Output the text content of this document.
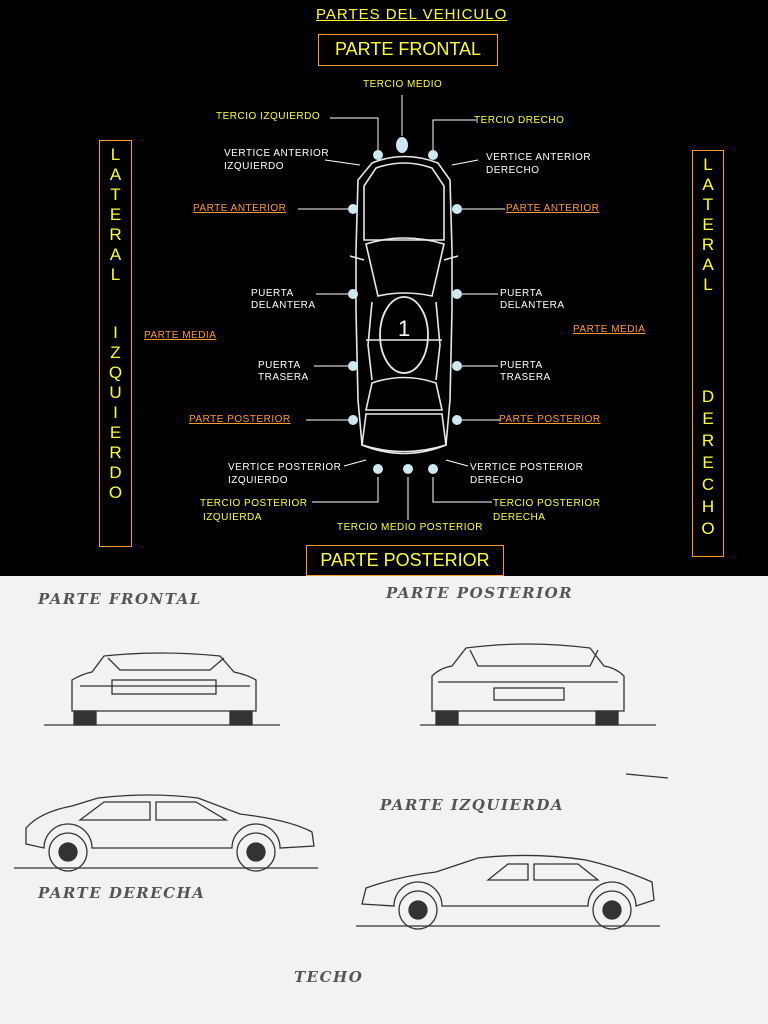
PARTES DEL VEHICULO
PARTE FRONTAL
PARTE POSTERIOR
L
A
T
E
R
A
L
I
Z
Q
U
I
E
R
D
O
L
A
T
E
R
A
L
D
E
R
E
C
H
O
TERCIO MEDIO
TERCIO IZQUIERDO	TERCIO DRECHO
VERTICE ANTERIOR
IZQUIERDO
VERTICE ANTERIOR
DERECHO
PARTE ANTERIOR	PARTE ANTERIOR
PUERTA
DELANTERA
PUERTA
DELANTERA
PARTE MEDIA
PARTE MEDIA
PUERTA
TRASERA
PUERTA
TRASERA
PARTE POSTERIOR	PARTE POSTERIOR
VERTICE POSTERIOR
IZQUIERDO
VERTICE POSTERIOR
DERECHO
TERCIO POSTERIOR
IZQUIERDA
TERCIO POSTERIOR
DERECHA
TERCIO MEDIO POSTERIOR
1
PARTE FRONTAL	PARTE POSTERIOR
PARTE IZQUIERDA
PARTE DERECHA
TECHO
